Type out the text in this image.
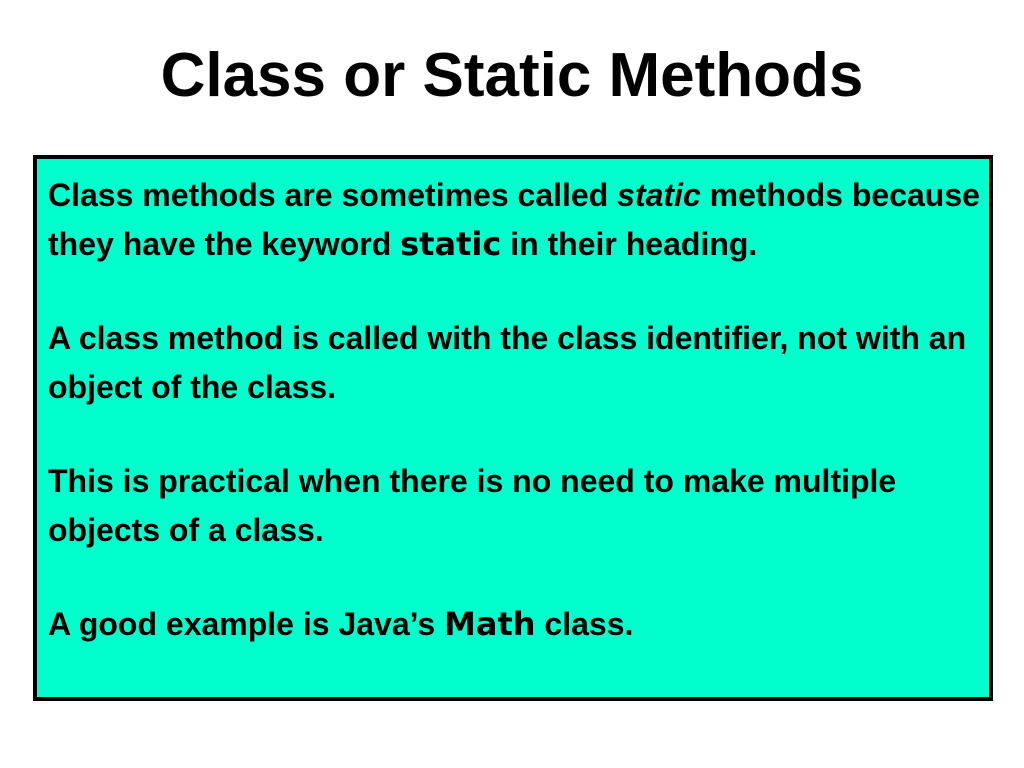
Class or Static Methods

Class methods are sometimes called static methods because they have the keyword static in their heading.

A class method is called with the class identifier, not with an object of the class.

This is practical when there is no need to make multiple objects of a class.

A good example is Java’s Math class.
